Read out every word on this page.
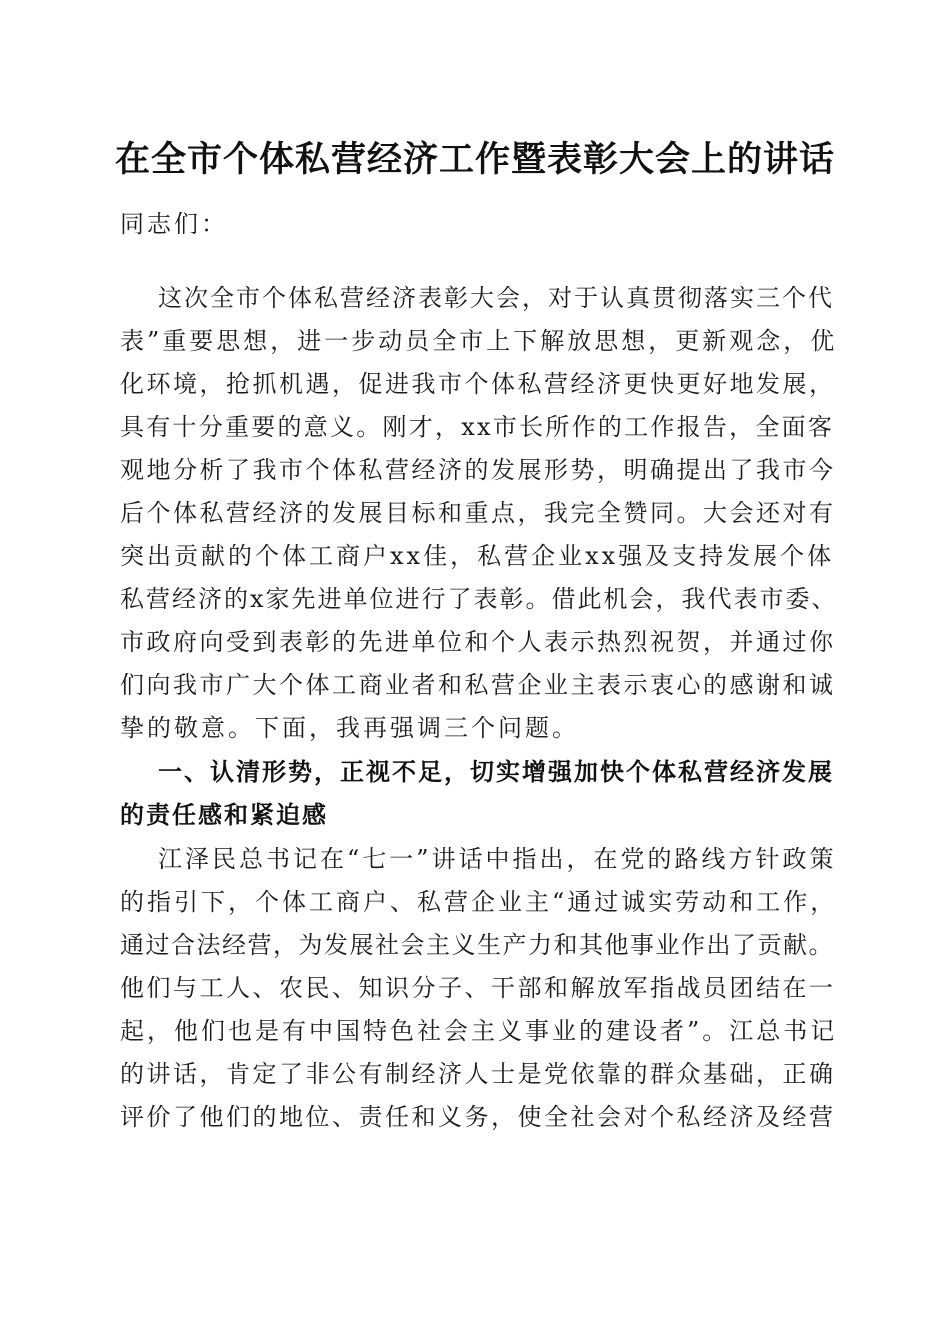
在全市个体私营经济工作暨表彰大会上的讲话
同志们：
这次全市个体私营经济表彰大会，对于认真贯彻落实三个代
表”重要思想，进一步动员全市上下解放思想，更新观念，优
化环境，抢抓机遇，促进我市个体私营经济更快更好地发展，
具有十分重要的意义。刚才，xx市长所作的工作报告，全面客
观地分析了我市个体私营经济的发展形势，明确提出了我市今
后个体私营经济的发展目标和重点，我完全赞同。大会还对有
突出贡献的个体工商户xx佳，私营企业xx强及支持发展个体
私营经济的x家先进单位进行了表彰。借此机会，我代表市委、
市政府向受到表彰的先进单位和个人表示热烈祝贺，并通过你
们向我市广大个体工商业者和私营企业主表示衷心的感谢和诚
挚的敬意。下面，我再强调三个问题。
一、认清形势，正视不足，切实增强加快个体私营经济发展
的责任感和紧迫感
江泽民总书记在“七一”讲话中指出，在党的路线方针政策
的指引下，个体工商户、私营企业主“通过诚实劳动和工作，
通过合法经营，为发展社会主义生产力和其他事业作出了贡献。
他们与工人、农民、知识分子、干部和解放军指战员团结在一
起，他们也是有中国特色社会主义事业的建设者”。江总书记
的讲话，肯定了非公有制经济人士是党依靠的群众基础，正确
评价了他们的地位、责任和义务，使全社会对个私经济及经营
